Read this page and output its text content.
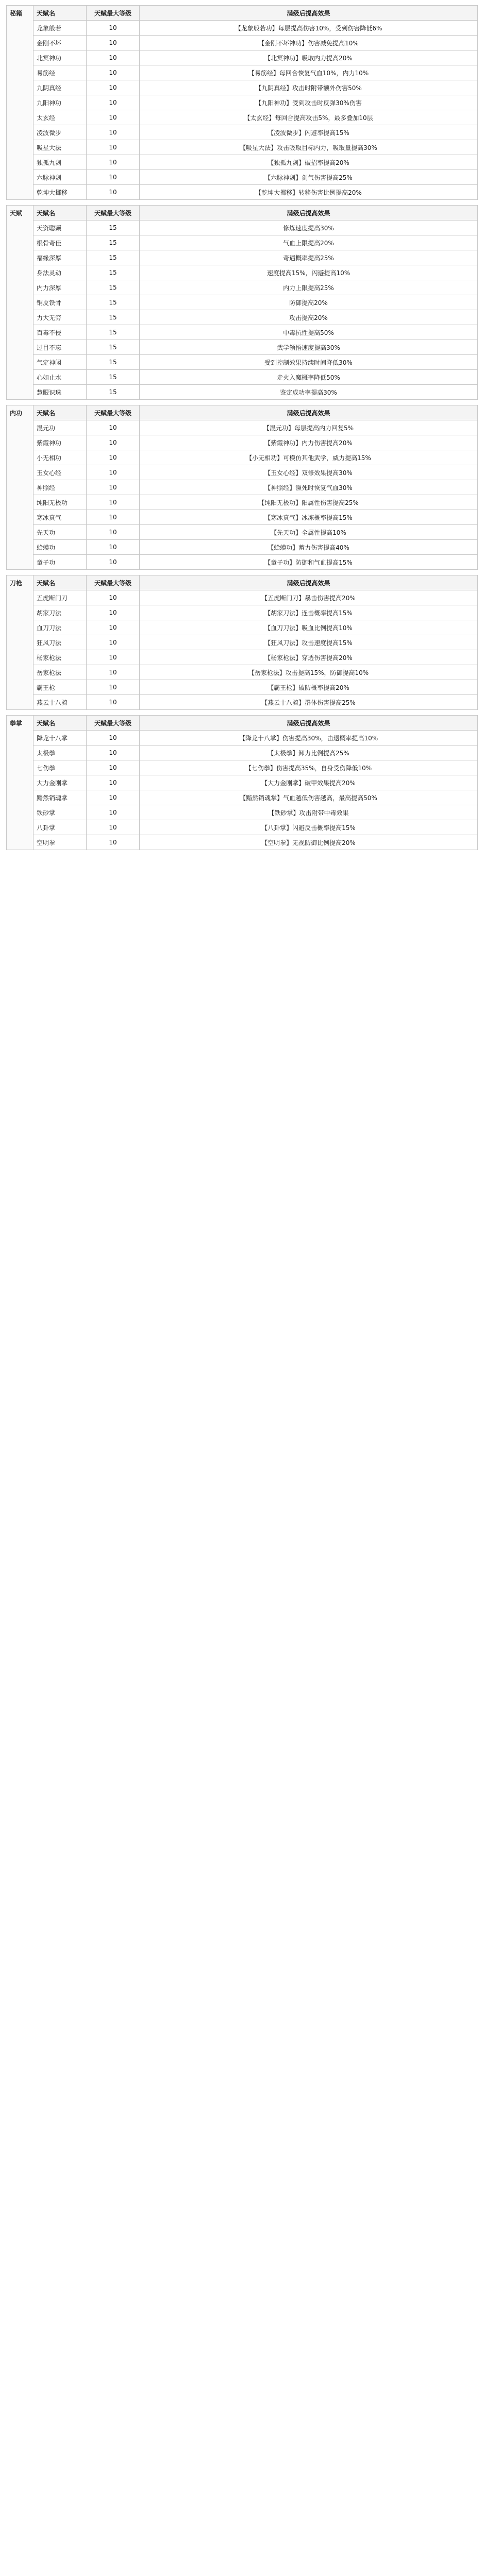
秘籍 天赋名	天赋最大等级	满级后提高效果
龙象般若	10	【龙象般若功】每层提高伤害10%，受到伤害降低6%
金刚不坏	10	【金刚不坏神功】伤害减免提高10%
北冥神功	10	【北冥神功】吸取内力提高20%
易筋经	10	【易筋经】每回合恢复气血10%，内力10%
九阴真经	10	【九阴真经】攻击时附带额外伤害50%
九阳神功	10	【九阳神功】受到攻击时反弹30%伤害
太玄经	10	【太玄经】每回合提高攻击5%，最多叠加10层
凌波微步	10	【凌波微步】闪避率提高15%
吸星大法	10	【吸星大法】攻击吸取目标内力，吸取量提高30%
独孤九剑	10	【独孤九剑】破招率提高20%
六脉神剑	10	【六脉神剑】剑气伤害提高25%
乾坤大挪移	10	【乾坤大挪移】转移伤害比例提高20%
天赋 天赋名	天赋最大等级	满级后提高效果
天资聪颖	15	修炼速度提高30%
根骨奇佳	15	气血上限提高20%
福缘深厚	15	奇遇概率提高25%
身法灵动	15	速度提高15%，闪避提高10%
内力深厚	15	内力上限提高25%
铜皮铁骨	15	防御提高20%
力大无穷	15	攻击提高20%
百毒不侵	15	中毒抗性提高50%
过目不忘	15	武学领悟速度提高30%
气定神闲	15	受到控制效果持续时间降低30%
心如止水	15	走火入魔概率降低50%
慧眼识珠	15	鉴定成功率提高30%
内功 天赋名	天赋最大等级	满级后提高效果
混元功	10	【混元功】每层提高内力回复5%
紫霞神功	10	【紫霞神功】内力伤害提高20%
小无相功	10	【小无相功】可模仿其他武学，威力提高15%
玉女心经	10	【玉女心经】双修效果提高30%
神照经	10	【神照经】濒死时恢复气血30%
纯阳无极功	10	【纯阳无极功】阳属性伤害提高25%
寒冰真气	10	【寒冰真气】冰冻概率提高15%
先天功	10	【先天功】全属性提高10%
蛤蟆功	10	【蛤蟆功】蓄力伤害提高40%
童子功	10	【童子功】防御和气血提高15%
刀枪 天赋名	天赋最大等级	满级后提高效果
五虎断门刀	10	【五虎断门刀】暴击伤害提高20%
胡家刀法	10	【胡家刀法】连击概率提高15%
血刀刀法	10	【血刀刀法】吸血比例提高10%
狂风刀法	10	【狂风刀法】攻击速度提高15%
杨家枪法	10	【杨家枪法】穿透伤害提高20%
岳家枪法	10	【岳家枪法】攻击提高15%，防御提高10%
霸王枪	10	【霸王枪】破防概率提高20%
燕云十八骑	10	【燕云十八骑】群体伤害提高25%
拳掌 天赋名	天赋最大等级	满级后提高效果
降龙十八掌	10	【降龙十八掌】伤害提高30%，击退概率提高10%
太极拳	10	【太极拳】卸力比例提高25%
七伤拳	10	【七伤拳】伤害提高35%，自身受伤降低10%
大力金刚掌	10	【大力金刚掌】破甲效果提高20%
黯然销魂掌	10	【黯然销魂掌】气血越低伤害越高，最高提高50%
铁砂掌	10	【铁砂掌】攻击附带中毒效果
八卦掌	10	【八卦掌】闪避反击概率提高15%
空明拳	10	【空明拳】无视防御比例提高20%
